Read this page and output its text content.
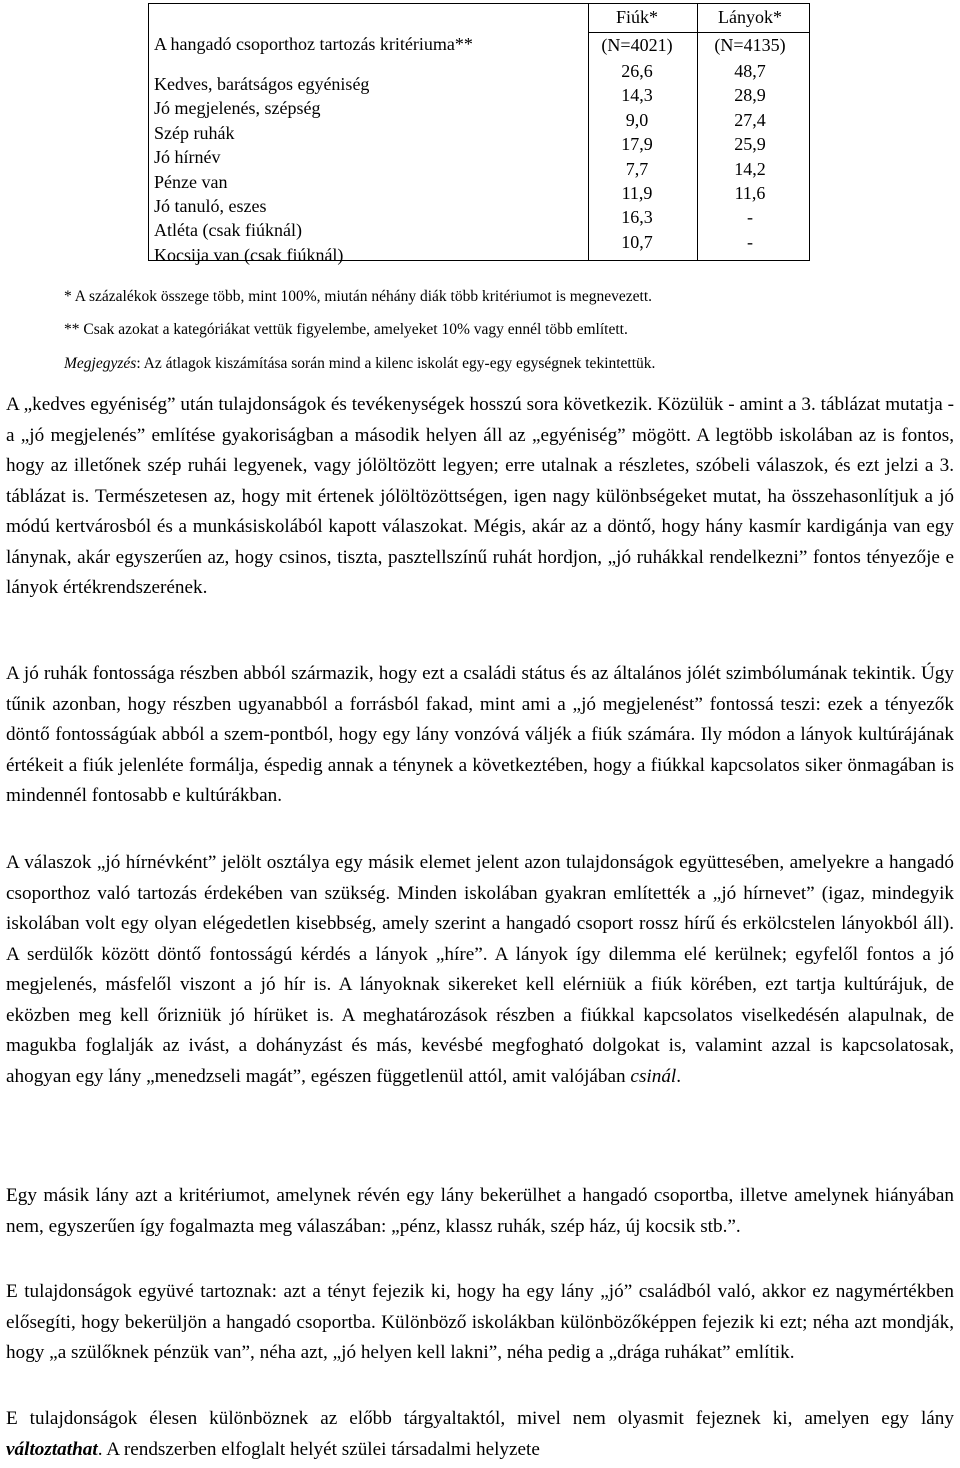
A hangadó csoporthoz tartozás kritériuma**
Kedves, barátságos egyéniség
Jó megjelenés, szépség
Szép ruhák
Jó hírnév
Pénze van
Jó tanuló, eszes
Atléta (csak fiúknál)
Kocsija van (csak fiúknál)
Fiúk*
(N=4021)
26,6
14,3
9,0
17,9
7,7
11,9
16,3
10,7
Lányok*
(N=4135)
48,7
28,9
27,4
25,9
14,2
11,6
-
-
* A százalékok összege több, mint 100%, miután néhány diák több kritériumot is megnevezett.
** Csak azokat a kategóriákat vettük figyelembe, amelyeket 10% vagy ennél több említett.
Megjegyzés: Az átlagok kiszámítása során mind a kilenc iskolát egy-egy egységnek tekintettük.

A „kedves egyéniség” után tulajdonságok és tevékenységek hosszú sora következik. Közülük - amint a 3. táblázat mutatja - a „jó megjelenés” említése gyakoriságban a második helyen áll az „egyéniség” mögött. A legtöbb iskolában az is fontos, hogy az illetőnek szép ruhái legyenek, vagy jólöltözött legyen; erre utalnak a részletes, szóbeli válaszok, és ezt jelzi a 3. táblázat is. Természetesen az, hogy mit értenek jólöltözöttségen, igen nagy különbségeket mutat, ha összehasonlítjuk a jó módú kertvárosból és a munkásiskolából kapott válaszokat. Mégis, akár az a döntő, hogy hány kasmír kardigánja van egy lánynak, akár egyszerűen az, hogy csinos, tiszta, pasztellszínű ruhát hordjon, „jó ruhákkal rendelkezni” fontos tényezője e lányok értékrendszerének.

A jó ruhák fontossága részben abból származik, hogy ezt a családi státus és az általános jólét szimbólumának tekintik. Úgy tűnik azonban, hogy részben ugyanabból a forrásból fakad, mint ami a „jó megjelenést” fontossá teszi: ezek a tényezők döntő fontosságúak abból a szem-pontból, hogy egy lány vonzóvá váljék a fiúk számára. Ily módon a lányok kultúrájának értékeit a fiúk jelenléte formálja, éspedig annak a ténynek a következtében, hogy a fiúkkal kapcsolatos siker önmagában is mindennél fontosabb e kultúrákban.

A válaszok „jó hírnévként” jelölt osztálya egy másik elemet jelent azon tulajdonságok együttesében, amelyekre a hangadó csoporthoz való tartozás érdekében van szükség. Minden iskolában gyakran említették a „jó hírnevet” (igaz, mindegyik iskolában volt egy olyan elégedetlen kisebbség, amely szerint a hangadó csoport rossz hírű és erkölcstelen lányokból áll). A serdülők között döntő fontosságú kérdés a lányok „híre”. A lányok így dilemma elé kerülnek; egyfelől fontos a jó megjelenés, másfelől viszont a jó hír is. A lányoknak sikereket kell elérniük a fiúk körében, ezt tartja kultúrájuk, de eközben meg kell őrizniük jó hírüket is. A meghatározások részben a fiúkkal kapcsolatos viselkedésén alapulnak, de magukba foglalják az ivást, a dohányzást és más, kevésbé megfogható dolgokat is, valamint azzal is kapcsolatosak, ahogyan egy lány „menedzseli magát”, egészen függetlenül attól, amit valójában csinál.

Egy másik lány azt a kritériumot, amelynek révén egy lány bekerülhet a hangadó csoportba, illetve amelynek hiányában nem, egyszerűen így fogalmazta meg válaszában: „pénz, klassz ruhák, szép ház, új kocsik stb.”.

E tulajdonságok együvé tartoznak: azt a tényt fejezik ki, hogy ha egy lány „jó” családból való, akkor ez nagymértékben elősegíti, hogy bekerüljön a hangadó csoportba. Különböző iskolákban különbözőképpen fejezik ki ezt; néha azt mondják, hogy „a szülőknek pénzük van”, néha azt, „jó helyen kell lakni”, néha pedig a „drága ruhákat” említik.

E tulajdonságok élesen különböznek az előbb tárgyaltaktól, mivel nem olyasmit fejeznek ki, amelyen egy lány változtathat. A rendszerben elfoglalt helyét szülei társadalmi helyzete
